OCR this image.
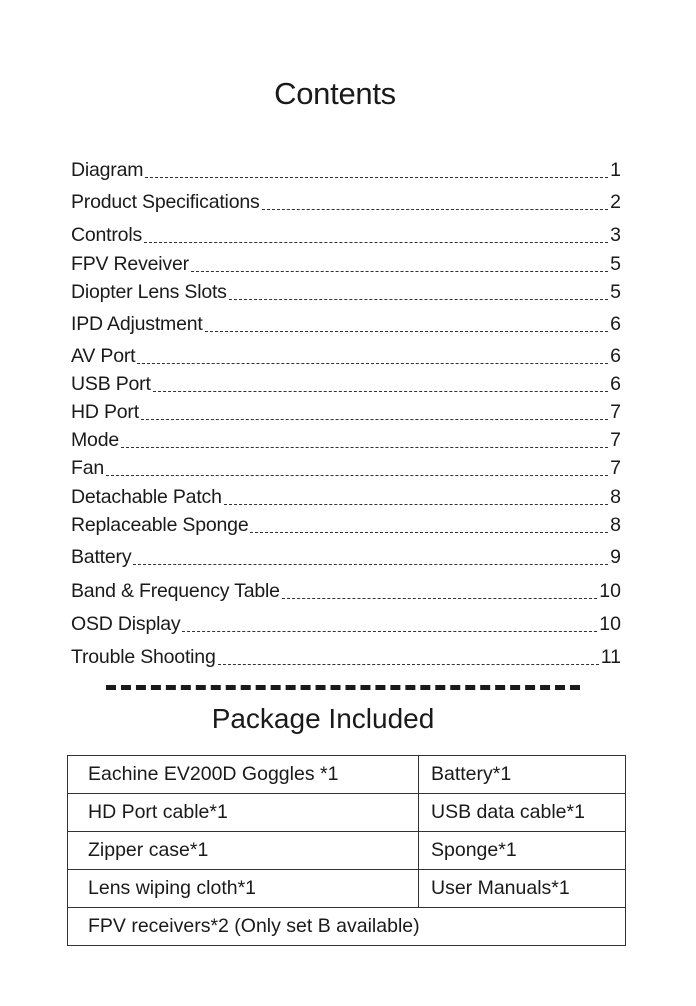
Contents
Diagram	1
Product Specifications	2
Controls	3
FPV Reveiver	5
Diopter Lens Slots	5
IPD Adjustment	6
AV Port	6
USB Port	6
HD Port	7
Mode	7
Fan	7
Detachable Patch	8
Replaceable Sponge	8
Battery	9
Band & Frequency Table	10
OSD Display	10
Trouble Shooting	11
Package Included
Eachine EV200D Goggles *1	Battery*1
HD Port cable*1	USB data cable*1
Zipper case*1	Sponge*1
Lens wiping cloth*1	User Manuals*1
FPV receivers*2 (Only set B available)	
